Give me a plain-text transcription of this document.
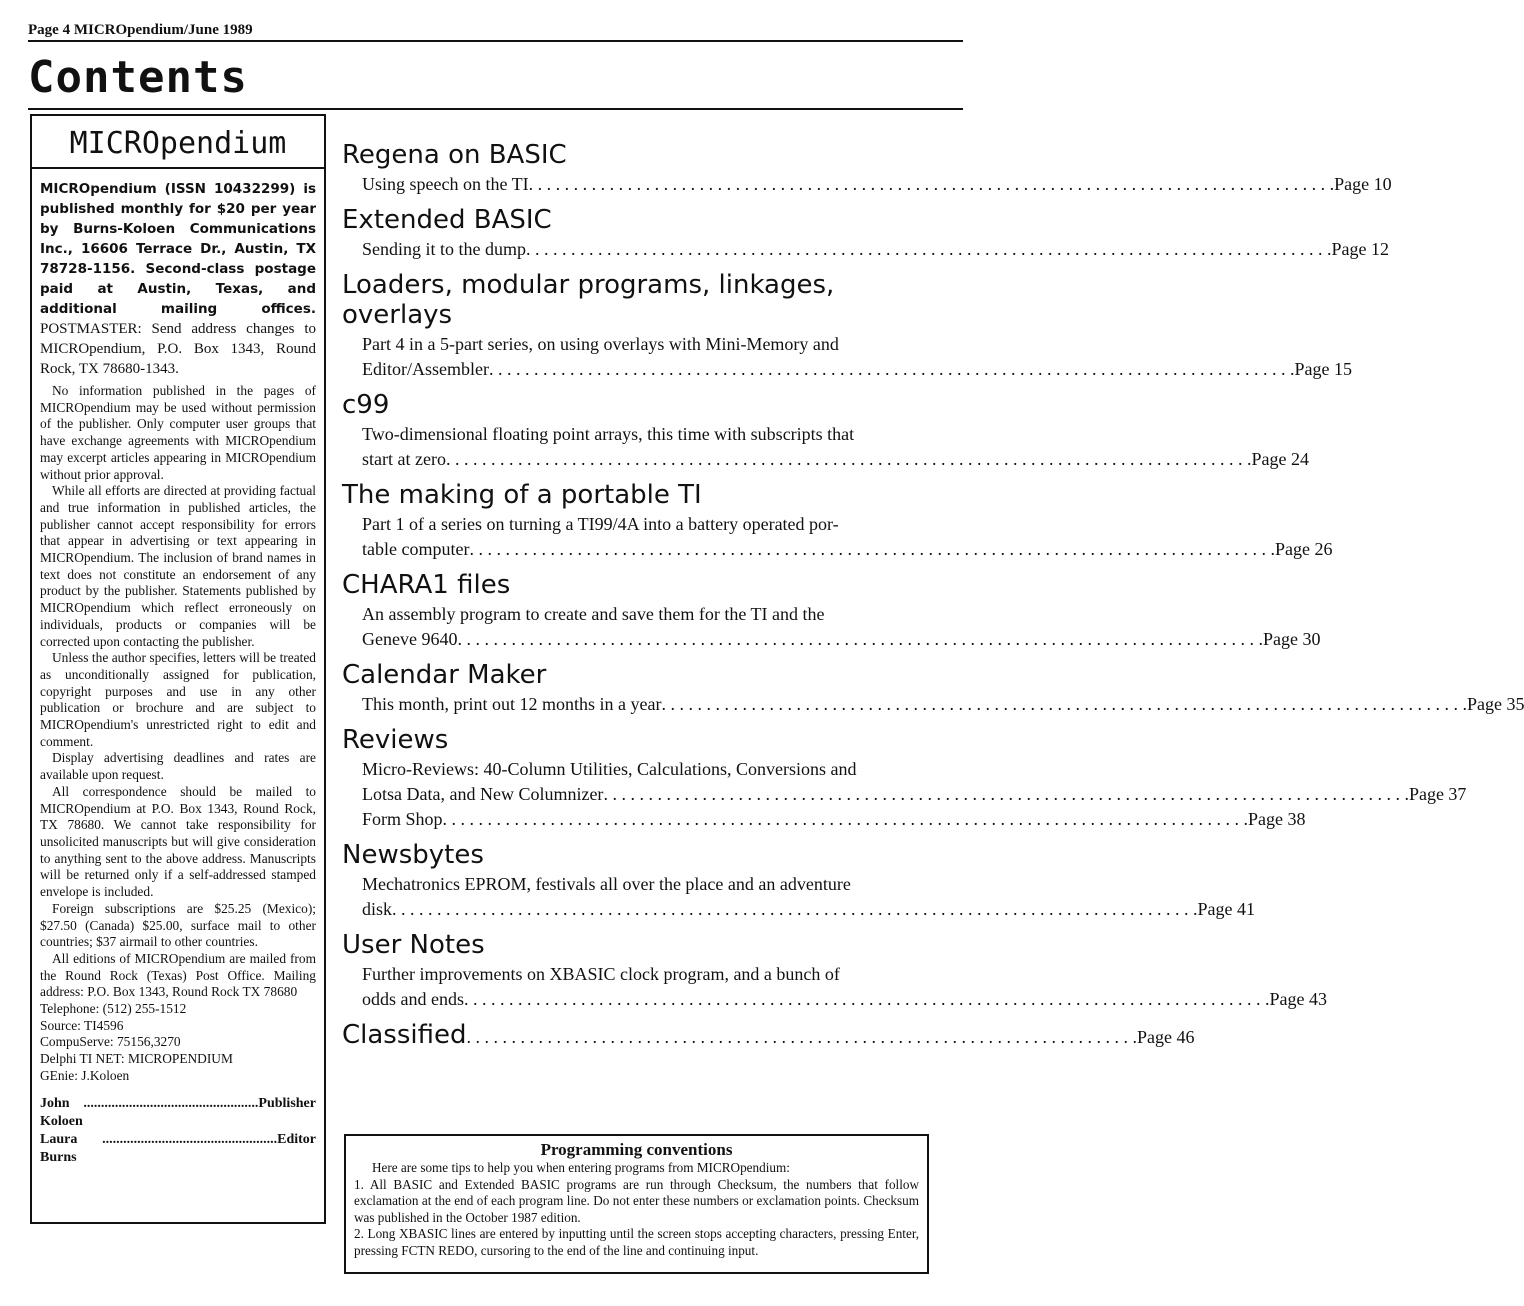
Page 4 MICROpendium/June 1989
Contents
MICROpendium
MICROpendium (ISSN 10432299) is published monthly for $20 per year by Burns-Koloen Communications Inc., 16606 Terrace Dr., Austin, TX 78728-1156. Second-class postage paid at Austin, Texas, and additional mailing offices. POSTMASTER: Send address changes to MICROpendium, P.O. Box 1343, Round Rock, TX 78680-1343.

No information published in the pages of MICROpendium may be used without permission of the publisher. Only computer user groups that have exchange agreements with MICROpendium may excerpt articles appearing in MICROpendium without prior approval.

While all efforts are directed at providing factual and true information in published articles, the publisher cannot accept responsibility for errors that appear in advertising or text appearing in MICROpendium. The inclusion of brand names in text does not constitute an endorsement of any product by the publisher. Statements published by MICROpendium which reflect erroneously on individuals, products or companies will be corrected upon contacting the publisher.

Unless the author specifies, letters will be treated as unconditionally assigned for publication, copyright purposes and use in any other publication or brochure and are subject to MICROpendium's unrestricted right to edit and comment.

Display advertising deadlines and rates are available upon request.

All correspondence should be mailed to MICROpendium at P.O. Box 1343, Round Rock, TX 78680. We cannot take responsibility for unsolicited manuscripts but will give consideration to anything sent to the above address. Manuscripts will be returned only if a self-addressed stamped envelope is included.

Foreign subscriptions are $25.25 (Mexico); $27.50 (Canada) $25.00, surface mail to other countries; $37 airmail to other countries.

All editions of MICROpendium are mailed from the Round Rock (Texas) Post Office. Mailing address: P.O. Box 1343, Round Rock TX 78680

Telephone: (512) 255-1512

Source: TI4596

CompuServe: 75156,3270

Delphi TI NET: MICROPENDIUM

GEnie: J.Koloen

John Koloen
.................................................. Publisher
Laura Burns
.................................................. Editor
Regena on BASIC
Using speech on the TI . . .	Page 10
Extended BASIC
Sending it to the dump . . .	Page 12
Loaders, modular programs, linkages, overlays
Part 4 in a 5-part series, on using overlays with Mini-Memory and
Editor/Assembler . . .	Page 15
c99
Two-dimensional floating point arrays, this time with subscripts that
start at zero . . .	Page 24
The making of a portable TI
Part 1 of a series on turning a TI99/4A into a battery operated por-
table computer . . .	Page 26
CHARA1 files
An assembly program to create and save them for the TI and the
Geneve 9640 . . .	Page 30
Calendar Maker
This month, print out 12 months in a year . . .	Page 35
Reviews
Micro-Reviews: 40-Column Utilities, Calculations, Conversions and
Lotsa Data, and New Columnizer . . .	Page 37
Form Shop . . .	Page 38
Newsbytes
Mechatronics EPROM, festivals all over the place and an adventure
disk . . .	Page 41
User Notes
Further improvements on XBASIC clock program, and a bunch of
odds and ends . . .	Page 43
Classified . . .	Page 46
Programming conventions

Here are some tips to help you when entering programs from MICROpendium:

1. All BASIC and Extended BASIC programs are run through Checksum, the numbers that follow exclamation at the end of each program line. Do not enter these numbers or exclamation points. Checksum was published in the October 1987 edition.

2. Long XBASIC lines are entered by inputting until the screen stops accepting characters, pressing Enter, pressing FCTN REDO, cursoring to the end of the line and continuing input.
